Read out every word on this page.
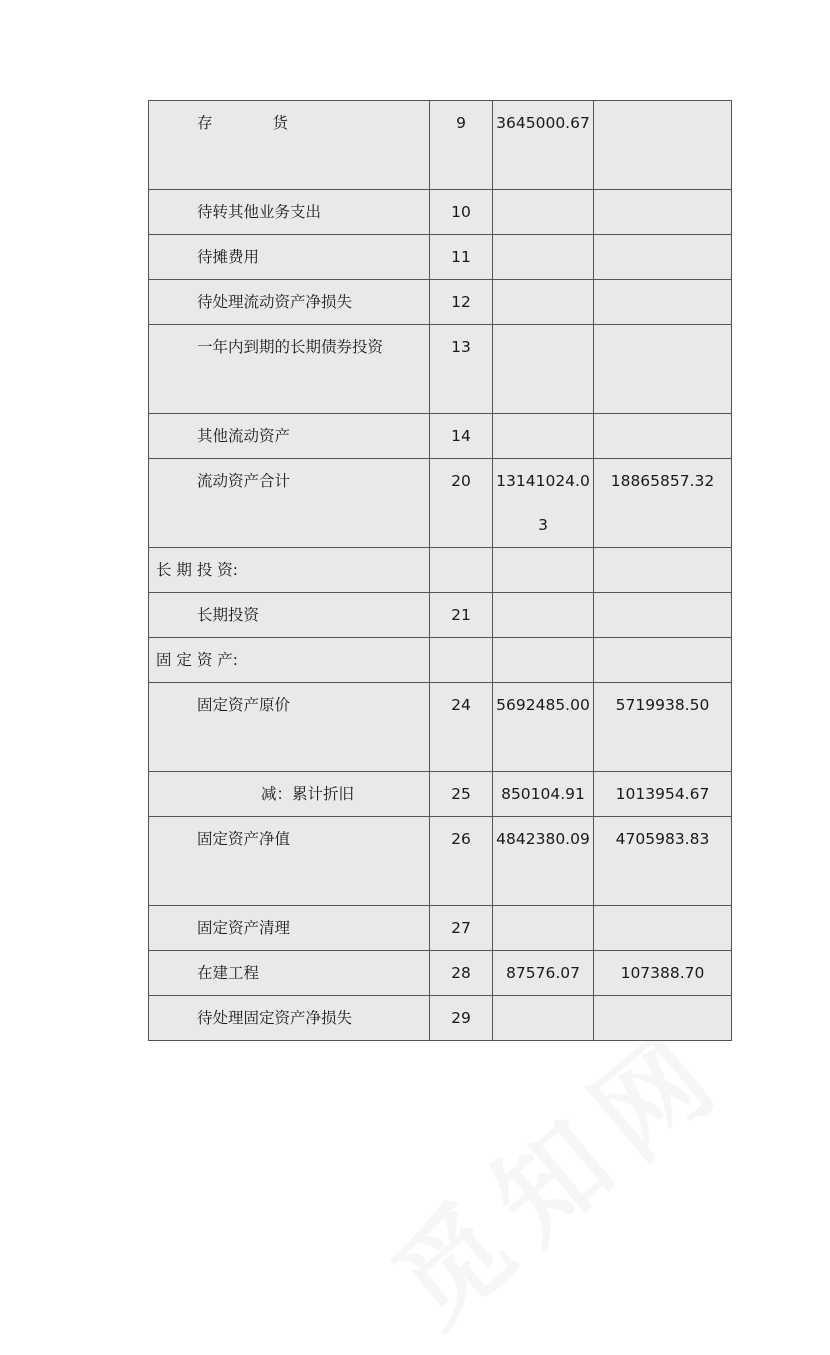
存 货	9	3645000.67	
待转其他业务支出	10		
待摊费用	11		
待处理流动资产净损失	12		
一年内到期的长期债券投资	13		
其他流动资产	14		
流动资产合计	20	13141024.03	18865857.32
长 期 投 资:			
长期投资	21		
固 定 资 产:			
固定资产原价	24	5692485.00	5719938.50
减：累计折旧	25	850104.91	1013954.67
固定资产净值	26	4842380.09	4705983.83
固定资产清理	27		
在建工程	28	87576.07	107388.70
待处理固定资产净损失	29		
